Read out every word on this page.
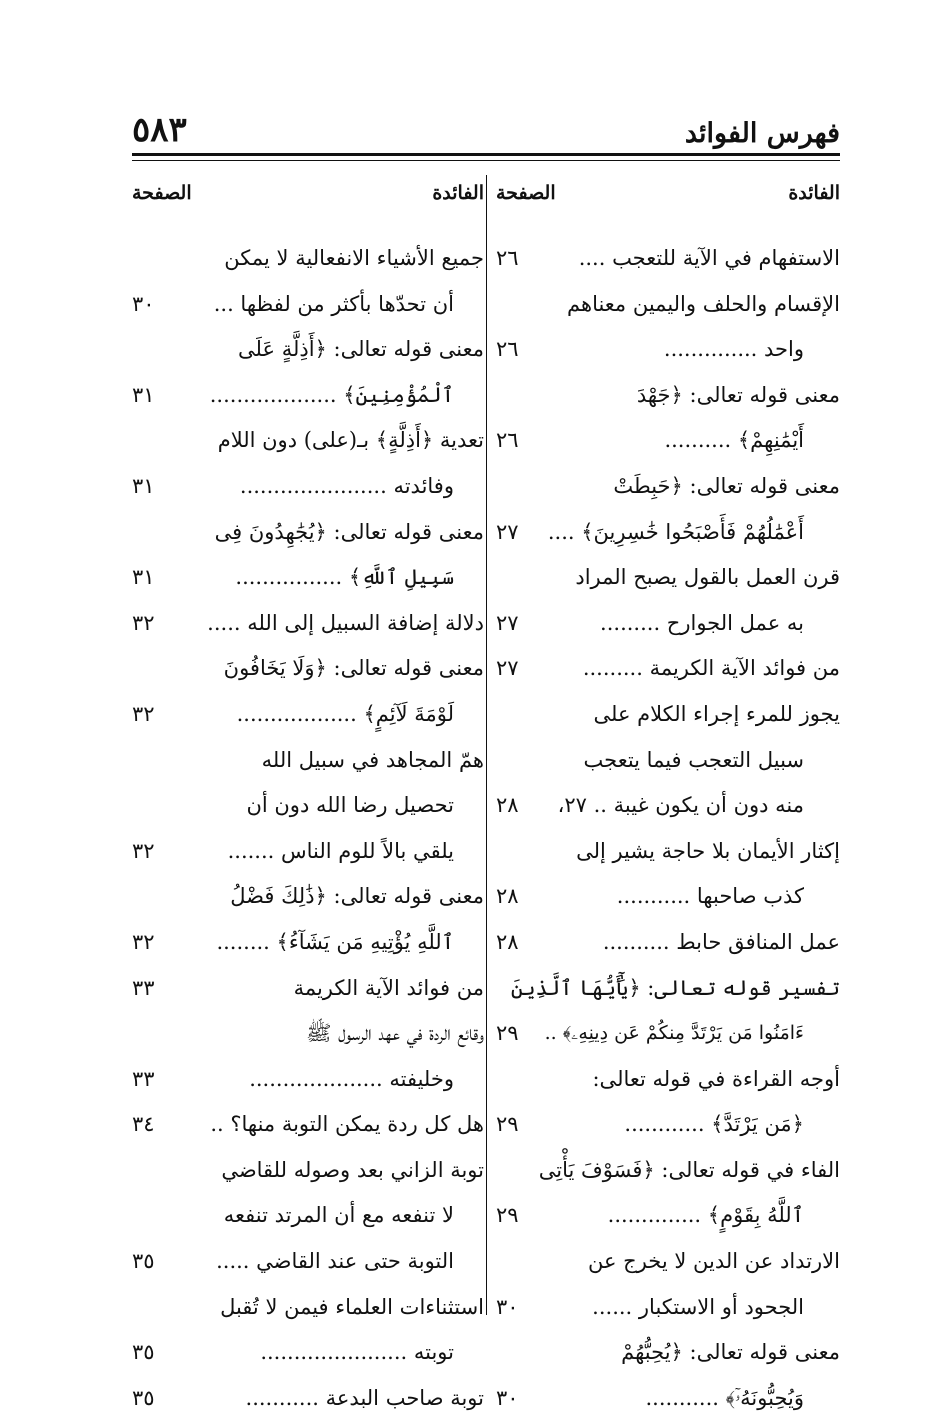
٥٨٣	فهرس الفوائد
الفائدة
الصفحة
الفائدة
الصفحة
الاستفهام في الآية للتعجب ....
٢٦
الإقسام والحلف واليمين معناهم
واحد ..............
٢٦
معنى قوله تعالى: ﴿جَهْدَ
أَيْمَٰنِهِمْ﴾ ..........
٢٦
معنى قوله تعالى: ﴿حَبِطَتْ
أَعْمَٰلُهُمْ فَأَصْبَحُوا خَٰسِرِينَ﴾ ....
٢٧
قرن العمل بالقول يصبح المراد
به عمل الجوارح .........
٢٧
من فوائد الآية الكريمة .........
٢٧
يجوز للمرء إجراء الكلام على
سبيل التعجب فيما يتعجب
منه دون أن يكون غيبة .. ٢٧،
٢٨
إكثار الأيمان بلا حاجة يشير إلى
كذب صاحبها ...........
٢٨
عمل المنافق حابط ..........
٢٨
تفسير قوله تعالى: ﴿يَٰٓأَيُّهَا ٱلَّذِينَ
ءَامَنُوا مَن يَرْتَدَّ مِنكُمْ عَن دِينِهِۦ﴾ ..
٢٩
أوجه القراءة في قوله تعالى:
﴿مَن يَرْتَدَّ﴾ ............
٢٩
الفاء في قوله تعالى: ﴿فَسَوْفَ يَأْتِى
ٱللَّهُ بِقَوْمٍ﴾ ..............
٢٩
الارتداد عن الدين لا يخرج عن
الجحود أو الاستكبار ......
٣٠
معنى قوله تعالى: ﴿يُحِبُّهُمْ
وَيُحِبُّونَهُۥٓ﴾ ...........
٣٠
جميع الأشياء الانفعالية لا يمكن
أن تحدّها بأكثر من لفظها ...
٣٠
معنى قوله تعالى: ﴿أَذِلَّةٍ عَلَى
ٱلْمُؤْمِنِينَ﴾ ...................
٣١
تعدية ﴿أَذِلَّةٍ﴾ بـ(على) دون اللام
وفائدته ......................
٣١
معنى قوله تعالى: ﴿يُجَٰهِدُونَ فِى
سَبِيلِ ٱللَّهِ﴾ ................
٣١
دلالة إضافة السبيل إلى الله .....
٣٢
معنى قوله تعالى: ﴿وَلَا يَخَافُونَ
لَوْمَةَ لَآئِمٍ﴾ ..................
٣٢
همّ المجاهد في سبيل الله
تحصيل رضا الله دون أن
يلقي بالاً للوم الناس .......
٣٢
معنى قوله تعالى: ﴿ذَٰلِكَ فَضْلُ
ٱللَّهِ يُؤْتِيهِ مَن يَشَآءُ﴾ ........
٣٢
من فوائد الآية الكريمة
٣٣
وقائع الردة في عهد الرسول ﷺ
وخليفته ....................
٣٣
هل كل ردة يمكن التوبة منها؟ ..
٣٤
توبة الزاني بعد وصوله للقاضي
لا تنفعه مع أن المرتد تنفعه
التوبة حتى عند القاضي .....
٣٥
استثناءات العلماء فيمن لا تُقبل
توبته ......................
٣٥
توبة صاحب البدعة ...........
٣٥
